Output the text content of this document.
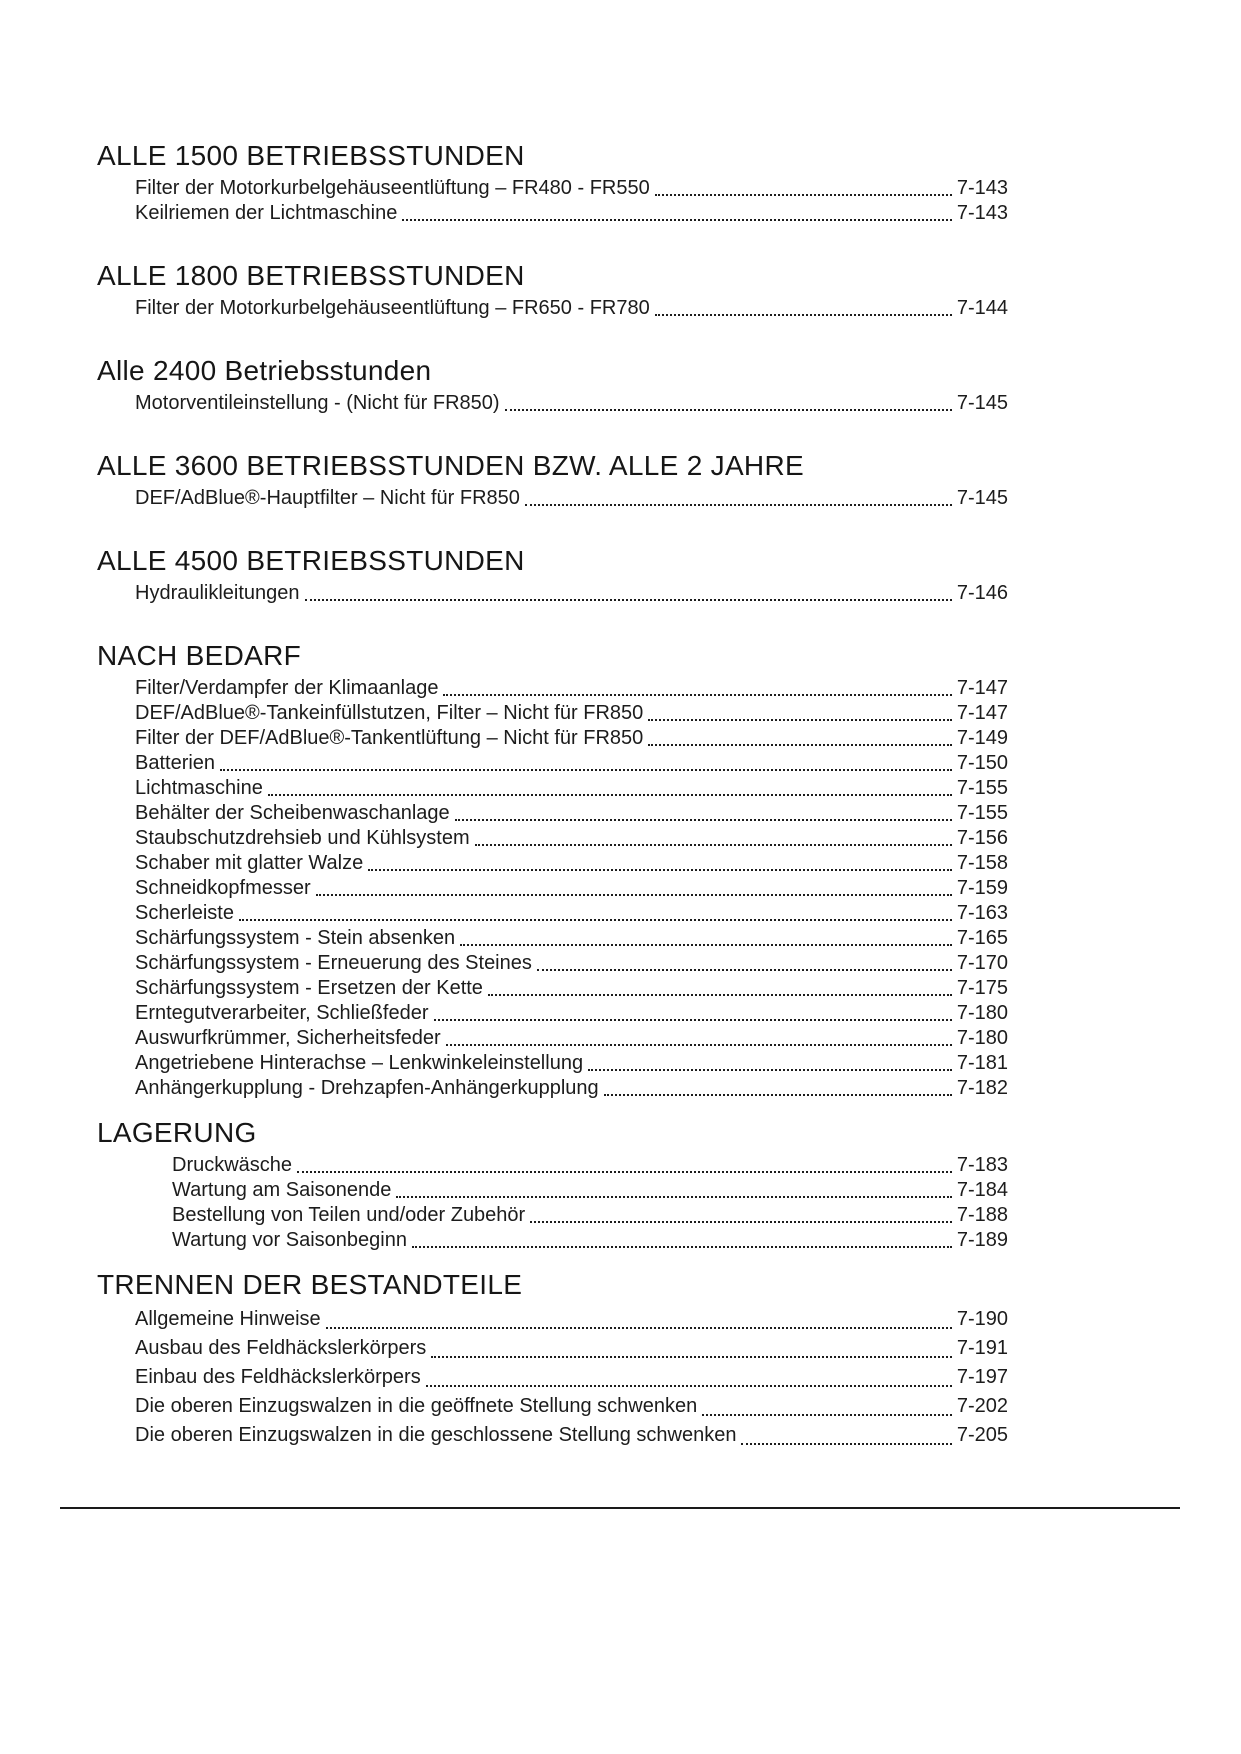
ALLE 1500 BETRIEBSSTUNDEN
Filter der Motorkurbelgehäuseentlüftung – FR480 - FR550	7-143
Keilriemen der Lichtmaschine	7-143
ALLE 1800 BETRIEBSSTUNDEN
Filter der Motorkurbelgehäuseentlüftung – FR650 - FR780	7-144
Alle 2400 Betriebsstunden
Motorventileinstellung - (Nicht für FR850)	7-145
ALLE 3600 BETRIEBSSTUNDEN BZW. ALLE 2 JAHRE
DEF/AdBlue®-Hauptfilter – Nicht für FR850	7-145
ALLE 4500 BETRIEBSSTUNDEN
Hydraulikleitungen	7-146
NACH BEDARF
Filter/Verdampfer der Klimaanlage	7-147
DEF/AdBlue®-Tankeinfüllstutzen, Filter – Nicht für FR850	7-147
Filter der DEF/AdBlue®-Tankentlüftung – Nicht für FR850	7-149
Batterien	7-150
Lichtmaschine	7-155
Behälter der Scheibenwaschanlage	7-155
Staubschutzdrehsieb und Kühlsystem	7-156
Schaber mit glatter Walze	7-158
Schneidkopfmesser	7-159
Scherleiste	7-163
Schärfungssystem - Stein absenken	7-165
Schärfungssystem - Erneuerung des Steines	7-170
Schärfungssystem - Ersetzen der Kette	7-175
Erntegutverarbeiter, Schließfeder	7-180
Auswurfkrümmer, Sicherheitsfeder	7-180
Angetriebene Hinterachse – Lenkwinkeleinstellung	7-181
Anhängerkupplung - Drehzapfen-Anhängerkupplung	7-182
LAGERUNG
Druckwäsche	7-183
Wartung am Saisonende	7-184
Bestellung von Teilen und/oder Zubehör	7-188
Wartung vor Saisonbeginn	7-189
TRENNEN DER BESTANDTEILE
Allgemeine Hinweise	7-190
Ausbau des Feldhäckslerkörpers	7-191
Einbau des Feldhäckslerkörpers	7-197
Die oberen Einzugswalzen in die geöffnete Stellung schwenken	7-202
Die oberen Einzugswalzen in die geschlossene Stellung schwenken	7-205
